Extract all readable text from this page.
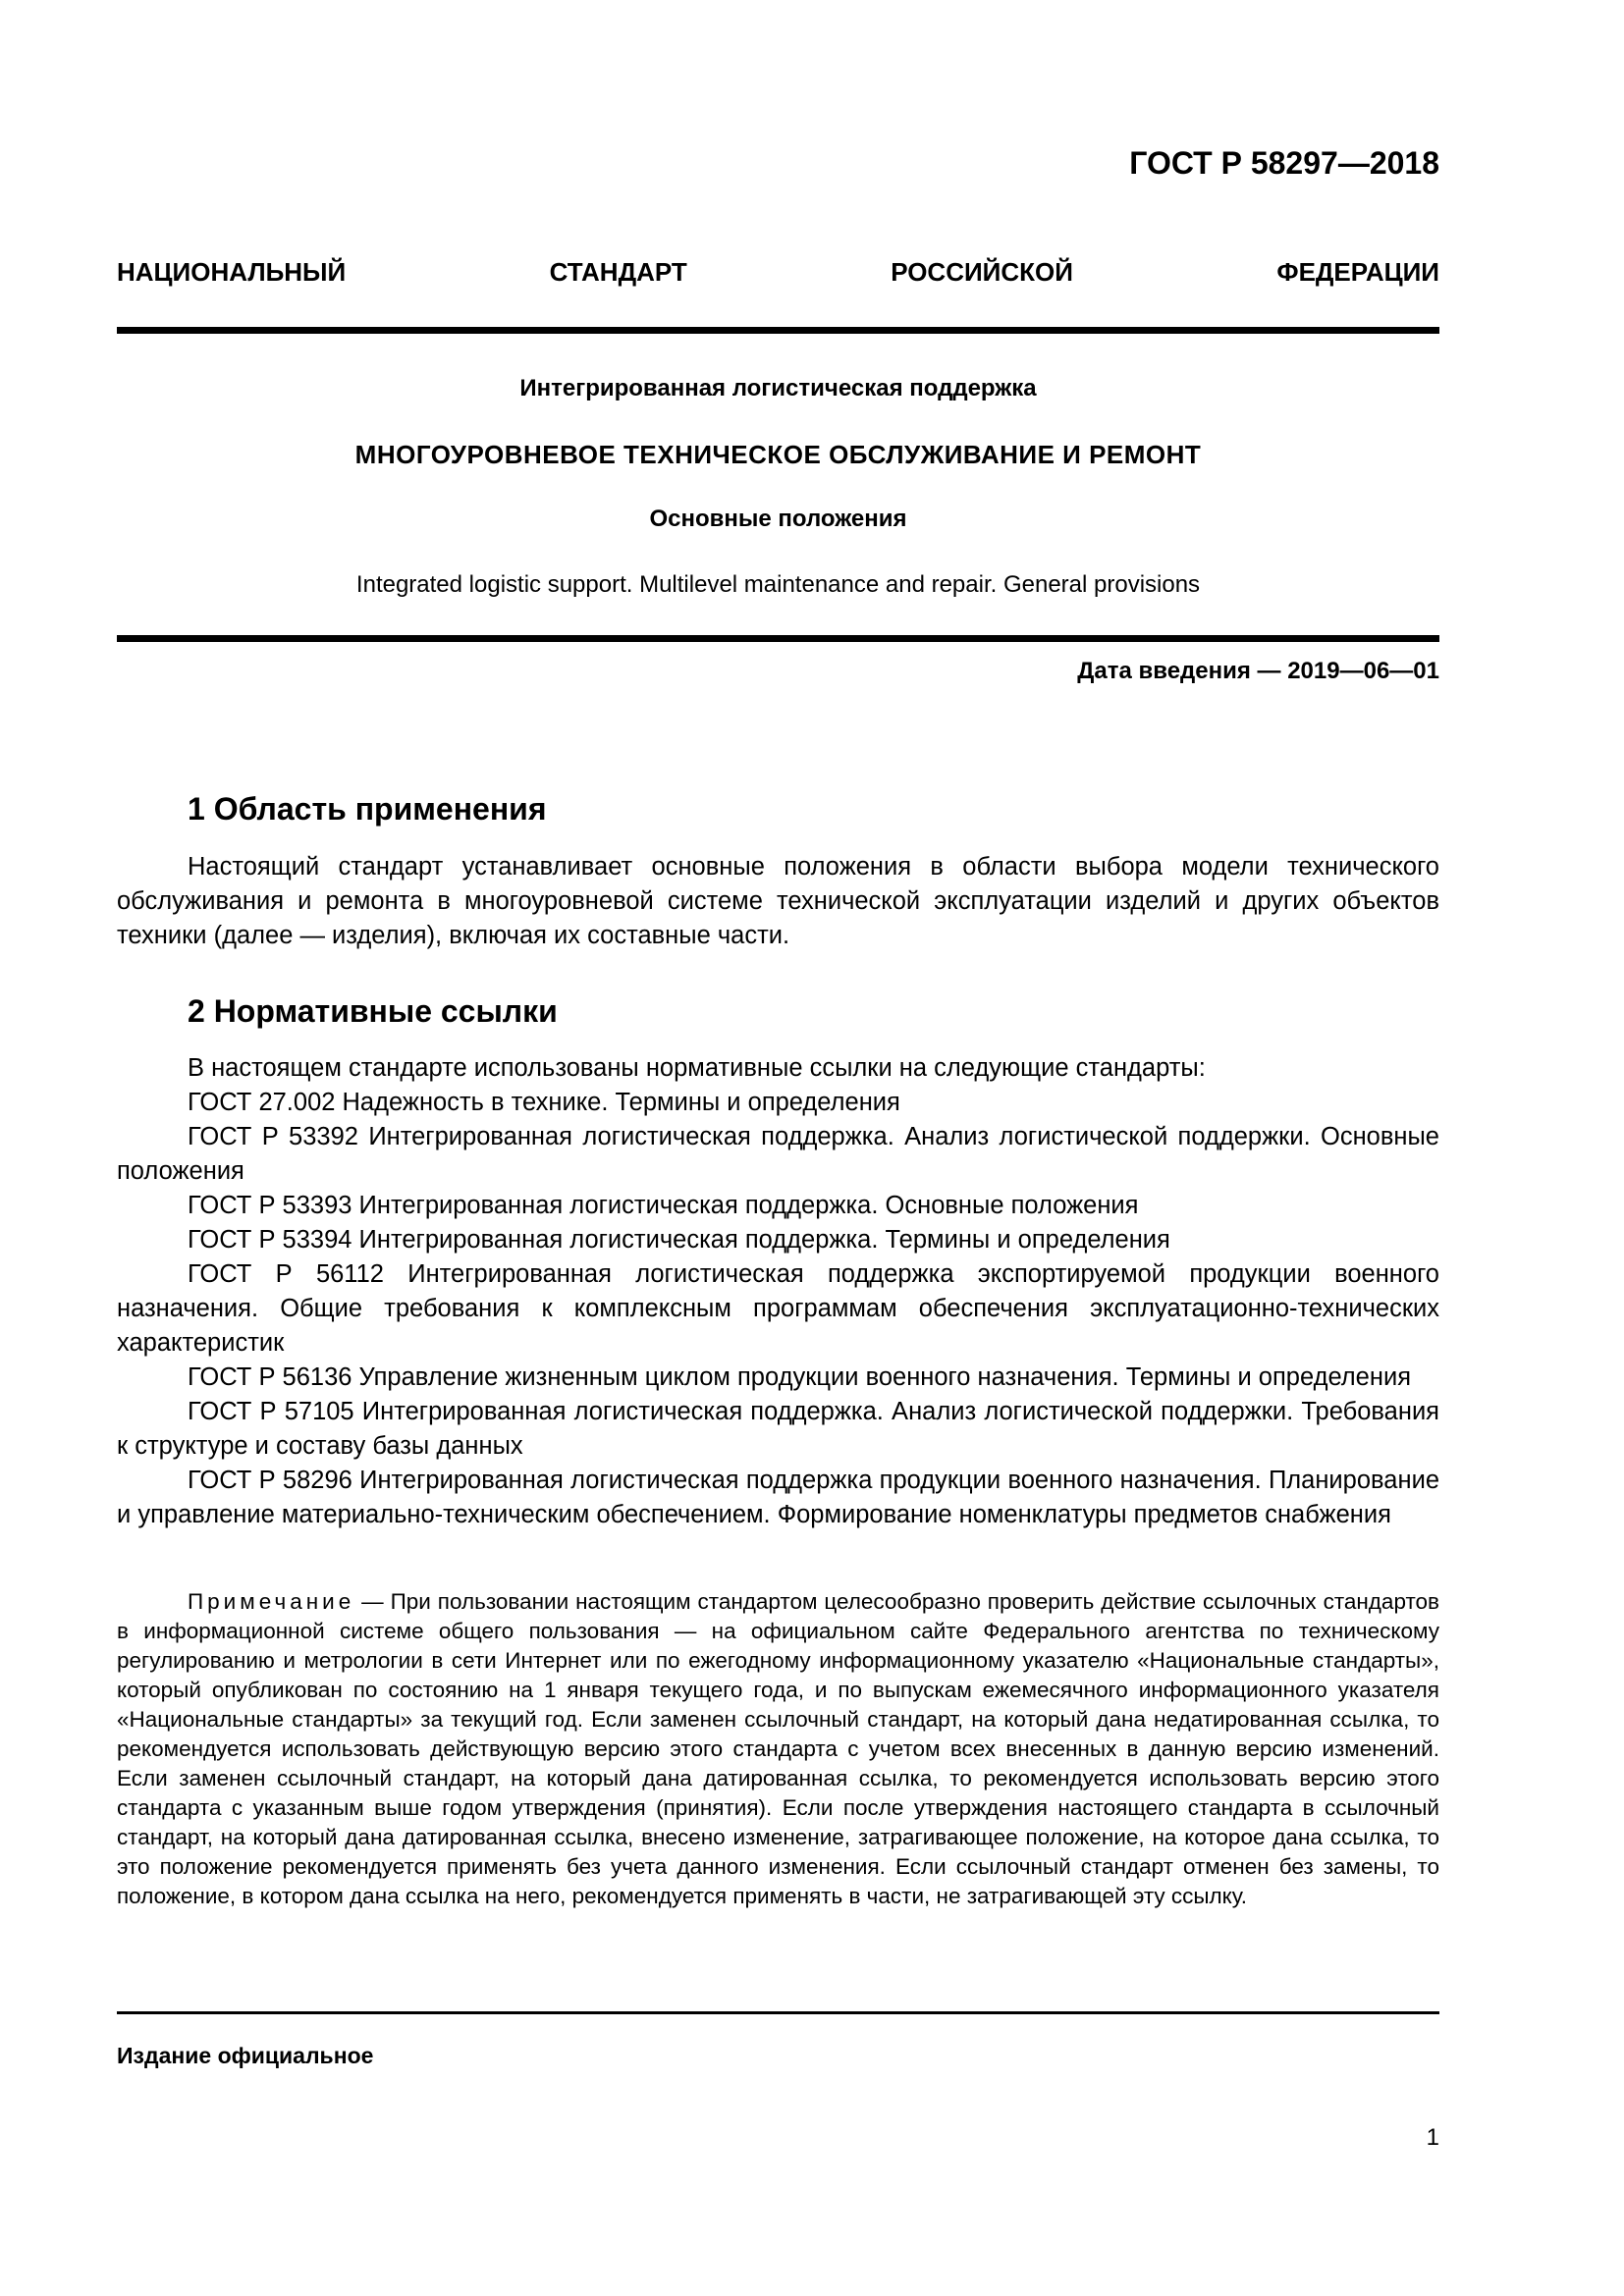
ГОСТ Р 58297—2018
НАЦИОНАЛЬНЫЙ	СТАНДАРТ	РОССИЙСКОЙ	ФЕДЕРАЦИИ
Интегрированная логистическая поддержка
МНОГОУРОВНЕВОЕ ТЕХНИЧЕСКОЕ ОБСЛУЖИВАНИЕ И РЕМОНТ
Основные положения
Integrated logistic support. Multilevel maintenance and repair. General provisions
Дата введения — 2019—06—01
1 Область применения

Настоящий стандарт устанавливает основные положения в области выбора модели технического обслуживания и ремонта в многоуровневой системе технической эксплуатации изделий и других объектов техники (далее — изделия), включая их составные части.

2 Нормативные ссылки

В настоящем стандарте использованы нормативные ссылки на следующие стандарты:

ГОСТ 27.002 Надежность в технике. Термины и определения

ГОСТ Р 53392 Интегрированная логистическая поддержка. Анализ логистической поддержки. Основные положения

ГОСТ Р 53393 Интегрированная логистическая поддержка. Основные положения

ГОСТ Р 53394 Интегрированная логистическая поддержка. Термины и определения

ГОСТ Р 56112 Интегрированная логистическая поддержка экспортируемой продукции военного назначения. Общие требования к комплексным программам обеспечения эксплуатационно-технических характеристик

ГОСТ Р 56136 Управление жизненным циклом продукции военного назначения. Термины и определения

ГОСТ Р 57105 Интегрированная логистическая поддержка. Анализ логистической поддержки. Требования к структуре и составу базы данных

ГОСТ Р 58296 Интегрированная логистическая поддержка продукции военного назначения. Планирование и управление материально-техническим обеспечением. Формирование номенклатуры предметов снабжения

Примечание — При пользовании настоящим стандартом целесообразно проверить действие ссылочных стандартов в информационной системе общего пользования — на официальном сайте Федерального агентства по техническому регулированию и метрологии в сети Интернет или по ежегодному информационному указателю «Национальные стандарты», который опубликован по состоянию на 1 января текущего года, и по выпускам ежемесячного информационного указателя «Национальные стандарты» за текущий год. Если заменен ссылочный стандарт, на который дана недатированная ссылка, то рекомендуется использовать действующую версию этого стандарта с учетом всех внесенных в данную версию изменений. Если заменен ссылочный стандарт, на который дана датированная ссылка, то рекомендуется использовать версию этого стандарта с указанным выше годом утверждения (принятия). Если после утверждения настоящего стандарта в ссылочный стандарт, на который дана датированная ссылка, внесено изменение, затрагивающее положение, на которое дана ссылка, то это положение рекомендуется применять без учета данного изменения. Если ссылочный стандарт отменен без замены, то положение, в котором дана ссылка на него, рекомендуется применять в части, не затрагивающей эту ссылку.

Издание официальное
1
